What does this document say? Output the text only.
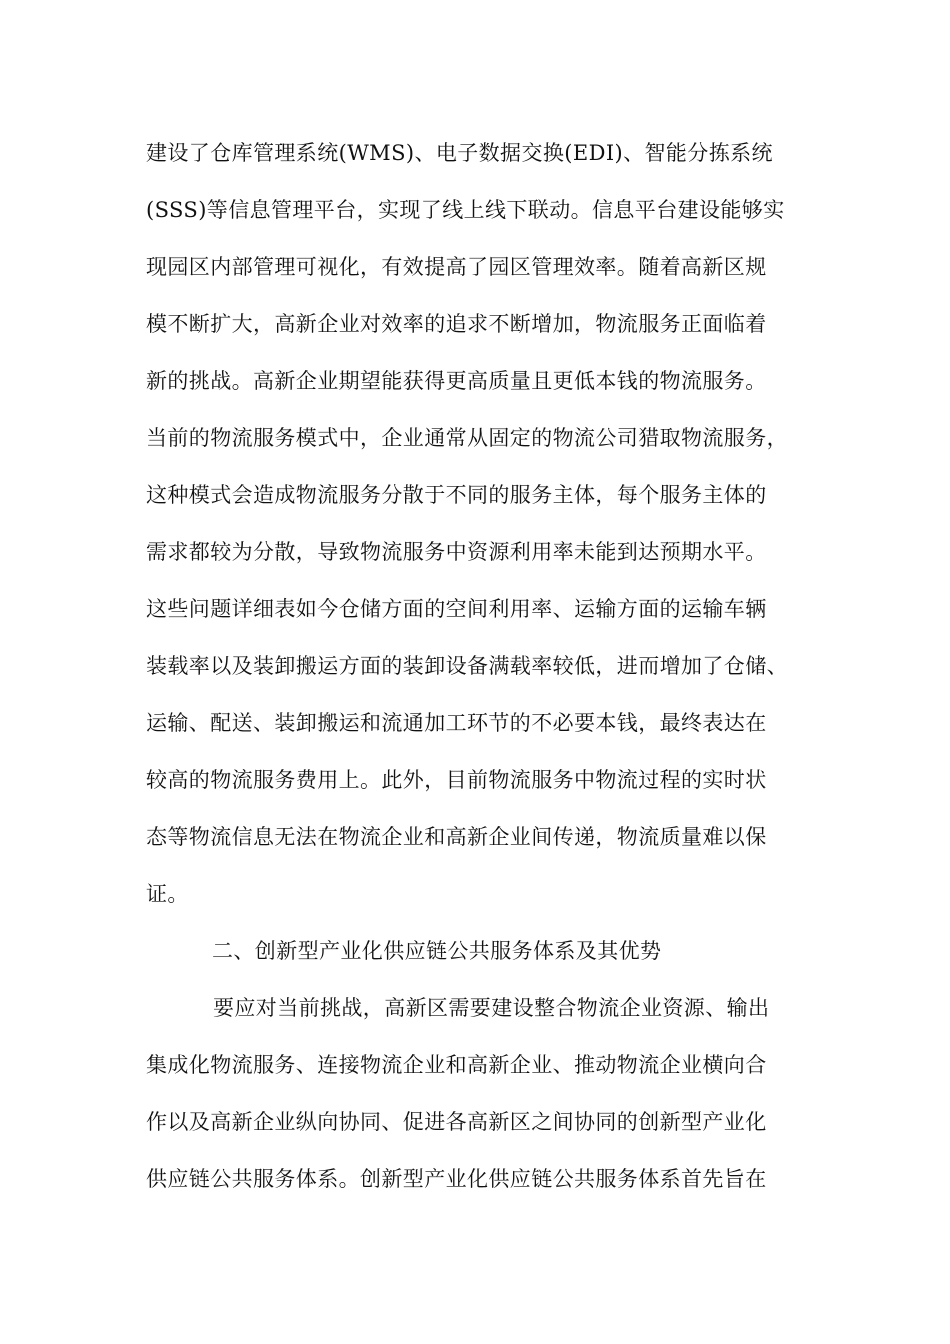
建设了仓库管理系统(WMS)、电子数据交换(EDI)、智能分拣系统
(SSS)等信息管理平台，实现了线上线下联动。信息平台建设能够实
现园区内部管理可视化，有效提高了园区管理效率。随着高新区规
模不断扩大，高新企业对效率的追求不断增加，物流服务正面临着
新的挑战。高新企业期望能获得更高质量且更低本钱的物流服务。
当前的物流服务模式中，企业通常从固定的物流公司猎取物流服务，
这种模式会造成物流服务分散于不同的服务主体，每个服务主体的
需求都较为分散，导致物流服务中资源利用率未能到达预期水平。
这些问题详细表如今仓储方面的空间利用率、运输方面的运输车辆
装载率以及装卸搬运方面的装卸设备满载率较低，进而增加了仓储、
运输、配送、装卸搬运和流通加工环节的不必要本钱，最终表达在
较高的物流服务费用上。此外，目前物流服务中物流过程的实时状
态等物流信息无法在物流企业和高新企业间传递，物流质量难以保
证。
二、创新型产业化供应链公共服务体系及其优势
要应对当前挑战，高新区需要建设整合物流企业资源、输出
集成化物流服务、连接物流企业和高新企业、推动物流企业横向合
作以及高新企业纵向协同、促进各高新区之间协同的创新型产业化
供应链公共服务体系。创新型产业化供应链公共服务体系首先旨在
